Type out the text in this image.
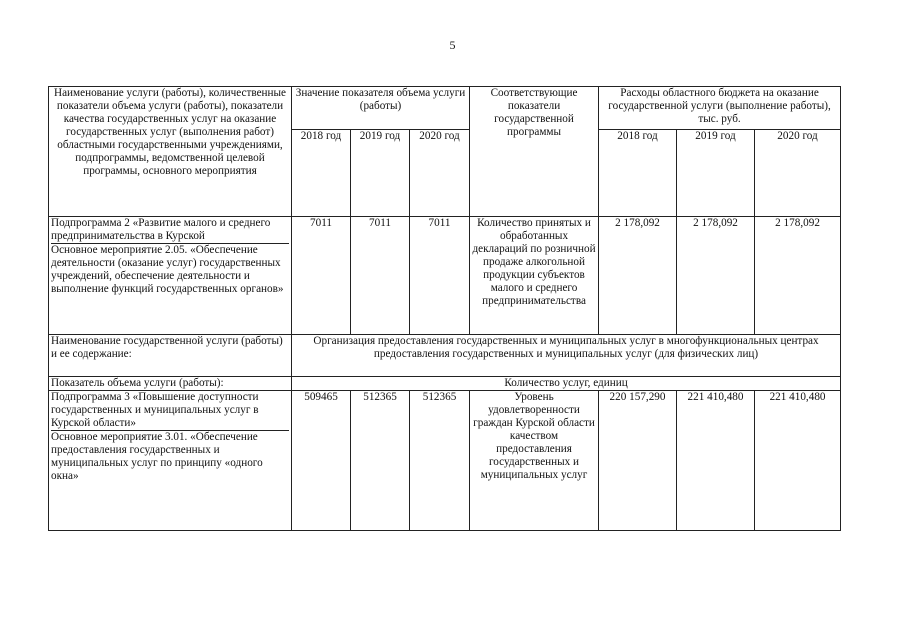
5
Наименование услуги (работы), количественные показатели объема услуги (работы), показатели качества государственных услуг на оказание государственных услуг (выполнения работ) областными государственными учреждениями, подпрограммы, ведомственной целевой программы, основного мероприятия	Значение показателя объема услуги (работы)			Соответствующие показатели государственной программы	Расходы областного бюджета на оказание государственной услуги (выполнение работы), тыс. руб.		
	2018 год	2019 год	2020 год		2018 год	2019 год	2020 год

Подпрограмма 2 «Развитие малого и среднего предпринимательства в Курской
Основное мероприятие 2.05. «Обеспечение деятельности (оказание услуг) государственных учреждений, обеспечение деятельности и выполнение функций государственных органов»	7011	7011	7011	Количество принятых и обработанных деклараций по розничной продаже алкогольной продукции субъектов малого и среднего предпринимательства	2 178,092	2 178,092	2 178,092
Наименование государственной услуги (работы) и ее содержание:	Организация предоставления государственных и муниципальных услуг в многофункциональных центрах предоставления государственных и муниципальных услуг (для физических лиц)						
Показатель объема услуги (работы):	Количество услуг, единиц						

Подпрограмма 3 «Повышение доступности государственных и муниципальных услуг в Курской области»
Основное мероприятие 3.01. «Обеспечение предоставления государственных и муниципальных услуг по принципу «одного окна»	509465	512365	512365	Уровень удовлетворенности граждан Курской области качеством предоставления государственных и муниципальных услуг	220 157,290	221 410,480	221 410,480
